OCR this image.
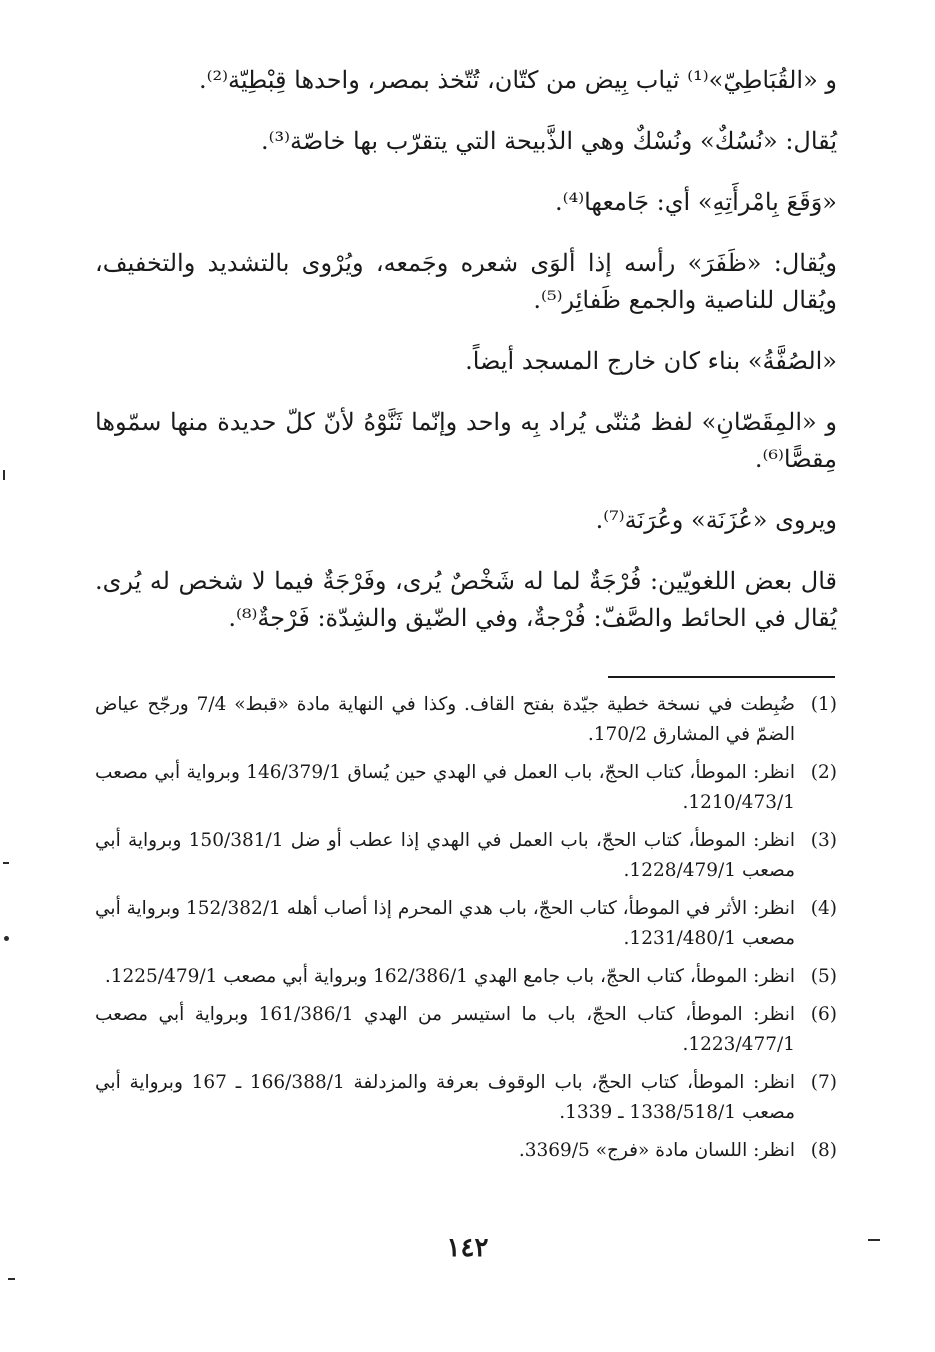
و «القُبَاطِيّ»⁽¹⁾ ثياب بِيض من كتّان، تُتّخذ بمصر، واحدها قِبْطِيّة⁽²⁾.

يُقال: «نُسُكٌ» ونُسْكٌ وهي الذَّبيحة التي يتقرّب بها خاصّة⁽³⁾.

«وَقَعَ بِامْرأَتِهِ» أي: جَامعها⁽⁴⁾.

ويُقال: «ظَفَرَ» رأسه إذا ألوَى شعره وجَمعه، ويُرْوى بالتشديد والتخفيف، ويُقال للناصية والجمع ظَفائِر⁽⁵⁾.

«الصُفَّةُ» بناء كان خارج المسجد أيضاً.

و «المِقَصّانِ» لفظ مُثنّى يُراد بِه واحد وإنّما ثَنَّوْهُ لأنّ كلّ حديدة منها سمّوها مِقصًّا⁽⁶⁾.

ويروى «عُزَنَة» وعُرَنَة⁽⁷⁾.

قال بعض اللغويّين: فُرْجَةٌ لما له شَخْصٌ يُرى، وفَرْجَةٌ فيما لا شخص له يُرى. يُقال في الحائط والصَّفّ: فُرْجةٌ، وفي الضّيق والشِدّة: فَرْجةٌ⁽⁸⁾.

(1)
ضُبِطت في نسخة خطية جيّدة بفتح القاف. وكذا في النهاية مادة «قبط» 7/4 ورجّح عياض الضمّ في المشارق 170/2.
(2)
انظر: الموطأ، كتاب الحجّ، باب العمل في الهدي حين يُساق 146/379/1 وبرواية أبي مصعب 1210/473/1.
(3)
انظر: الموطأ، كتاب الحجّ، باب العمل في الهدي إذا عطب أو ضل 150/381/1 وبرواية أبي مصعب 1228/479/1.
(4)
انظر: الأثر في الموطأ، كتاب الحجّ، باب هدي المحرم إذا أصاب أهله 152/382/1 وبرواية أبي مصعب 1231/480/1.
(5)
انظر: الموطأ، كتاب الحجّ، باب جامع الهدي 162/386/1 وبرواية أبي مصعب 1225/479/1.
(6)
انظر: الموطأ، كتاب الحجّ، باب ما استيسر من الهدي 161/386/1 وبرواية أبي مصعب 1223/477/1.
(7)
انظر: الموطأ، كتاب الحجّ، باب الوقوف بعرفة والمزدلفة 166/388/1 ـ 167 وبرواية أبي مصعب 1338/518/1 ـ 1339.
(8)
انظر: اللسان مادة «فرج» 3369/5.
١٤٢
